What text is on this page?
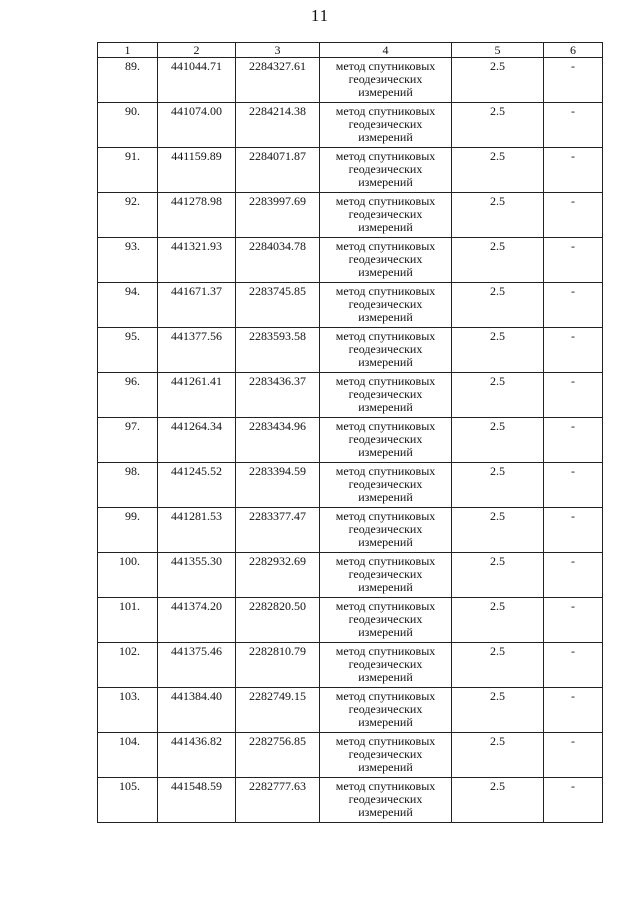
11
1	2	3	4	5	6
89.	441044.71	2284327.61	метод спутниковых геодезических измерений	2.5	-
90.	441074.00	2284214.38	метод спутниковых геодезических измерений	2.5	-
91.	441159.89	2284071.87	метод спутниковых геодезических измерений	2.5	-
92.	441278.98	2283997.69	метод спутниковых геодезических измерений	2.5	-
93.	441321.93	2284034.78	метод спутниковых геодезических измерений	2.5	-
94.	441671.37	2283745.85	метод спутниковых геодезических измерений	2.5	-
95.	441377.56	2283593.58	метод спутниковых геодезических измерений	2.5	-
96.	441261.41	2283436.37	метод спутниковых геодезических измерений	2.5	-
97.	441264.34	2283434.96	метод спутниковых геодезических измерений	2.5	-
98.	441245.52	2283394.59	метод спутниковых геодезических измерений	2.5	-
99.	441281.53	2283377.47	метод спутниковых геодезических измерений	2.5	-
100.	441355.30	2282932.69	метод спутниковых геодезических измерений	2.5	-
101.	441374.20	2282820.50	метод спутниковых геодезических измерений	2.5	-
102.	441375.46	2282810.79	метод спутниковых геодезических измерений	2.5	-
103.	441384.40	2282749.15	метод спутниковых геодезических измерений	2.5	-
104.	441436.82	2282756.85	метод спутниковых геодезических измерений	2.5	-
105.	441548.59	2282777.63	метод спутниковых геодезических измерений	2.5	-
